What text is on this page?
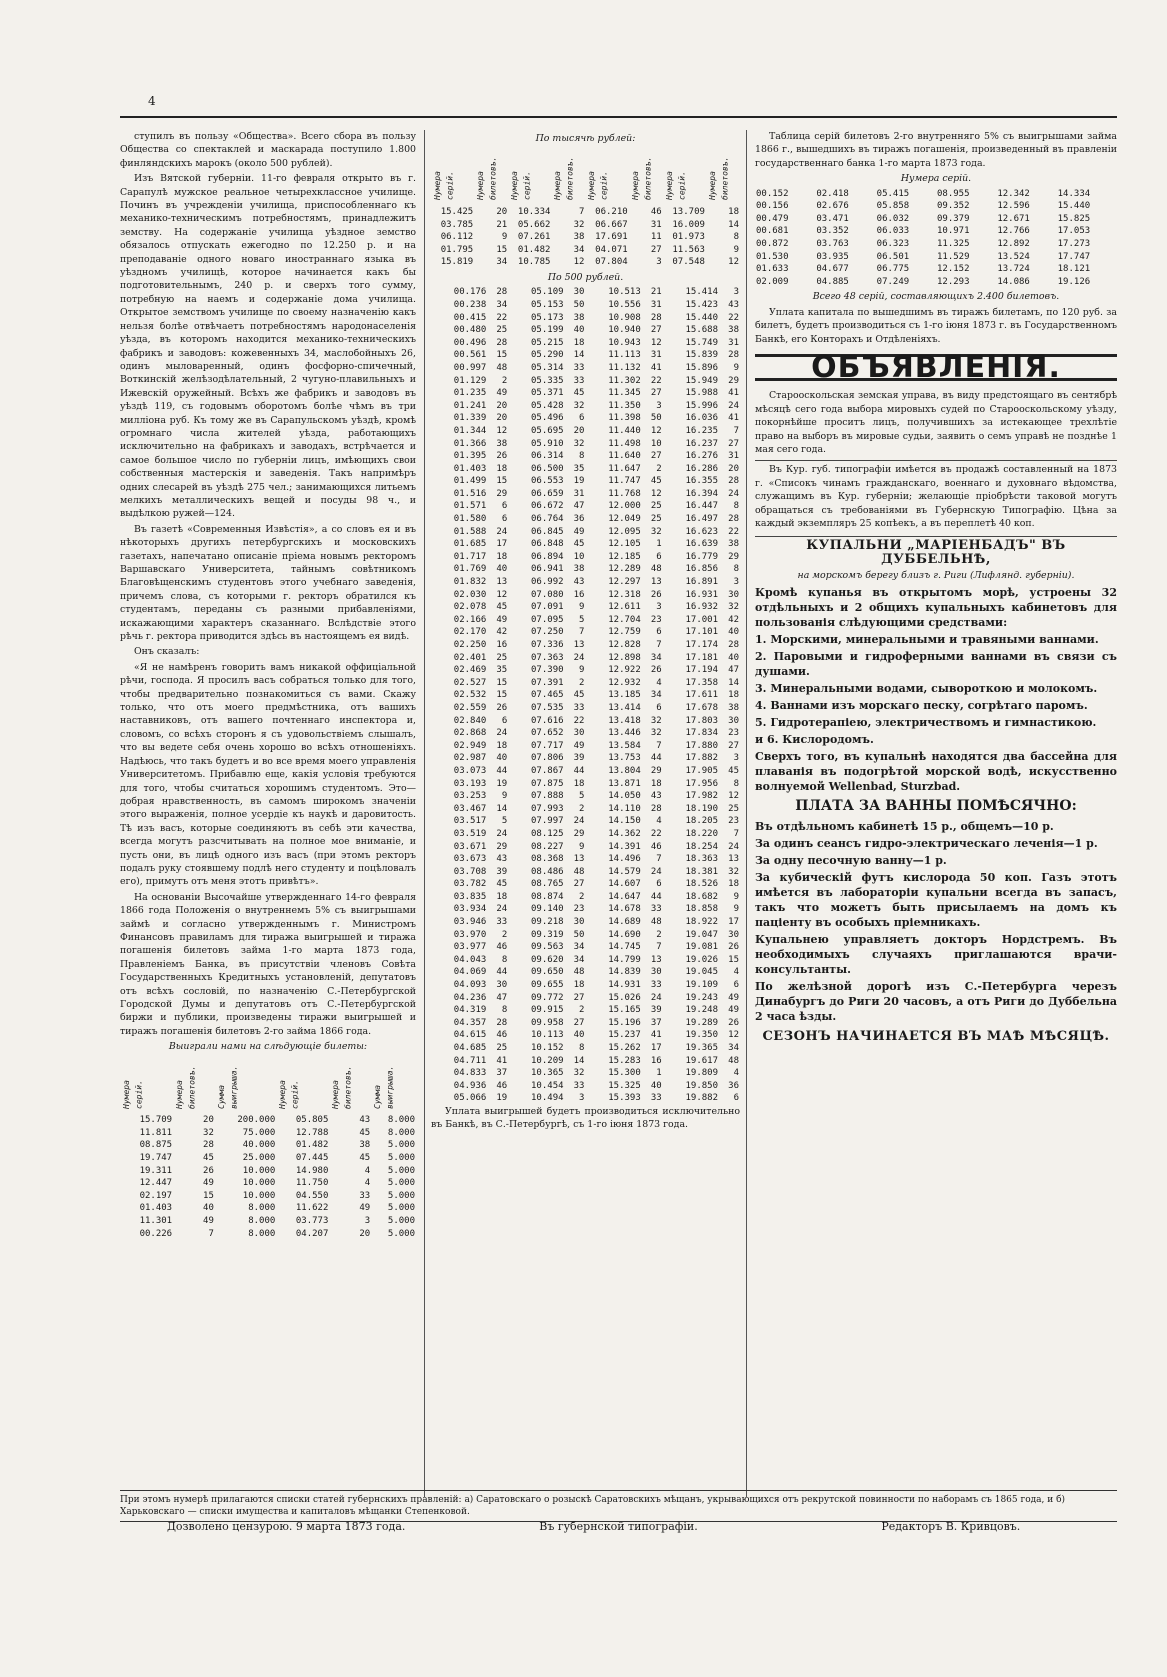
4

ступилъ въ пользу «Общества». Всего сбора въ пользу Общества со спектаклей и маскарада поступило 1.800 финляндскихъ марокъ (около 500 рублей).

Изъ Вятской губерніи. 11-го февраля открыто въ г. Сарапулѣ мужское реальное четырехклассное училище. Починъ въ учрежденіи училища, приспособленнаго къ механико-техническимъ потребностямъ, принадлежитъ земству. На содержаніе училища уѣздное земство обязалось отпускать ежегодно по 12.250 р. и на преподаваніе одного новаго иностраннаго языка въ уѣздномъ училищѣ, которое начинается какъ бы подготовительнымъ, 240 р. и сверхъ того сумму, потребную на наемъ и содержаніе дома училища. Открытое земствомъ училище по своему назначенію какъ нельзя болѣе отвѣчаетъ потребностямъ народонаселенія уѣзда, въ которомъ находится механико-техническихъ фабрикъ и заводовъ: кожевенныхъ 34, маслобойныхъ 26, одинъ мыловаренный, одинъ фосфорно-спичечный, Воткинскій желѣзодѣлательный, 2 чугуно-плавильныхъ и Ижевскій оружейный. Всѣхъ же фабрикъ и заводовъ въ уѣздѣ 119, съ годовымъ оборотомъ болѣе чѣмъ въ три милліона руб. Къ тому же въ Сарапульскомъ уѣздѣ, кромѣ огромнаго числа жителей уѣзда, работающихъ исключительно на фабрикахъ и заводахъ, встрѣчается и самое большое число по губерніи лицъ, имѣющихъ свои собственныя мастерскія и заведенія. Такъ напримѣръ одних слесарей въ уѣздѣ 275 чел.; занимающихся литьемъ мелкихъ металлическихъ вещей и посуды 98 ч., и выдѣлкою ружей—124.

Въ газетѣ «Современныя Извѣстія», а со словъ ея и въ нѣкоторыхъ другихъ петербургскихъ и московскихъ газетахъ, напечатано описаніе пріема новымъ ректоромъ Варшавскаго Университета, тайнымъ совѣтникомъ Благовѣщенскимъ студентовъ этого учебнаго заведенія, причемъ слова, съ которыми г. ректоръ обратился къ студентамъ, переданы съ разными прибавленіями, искажающими характеръ сказаннаго. Вслѣдствіе этого рѣчь г. ректора приводится здѣсь въ настоящемъ ея видѣ.

Онъ сказалъ:

«Я не намѣренъ говорить вамъ никакой оффиціальной рѣчи, господа. Я просилъ васъ собраться только для того, чтобы предварительно познакомиться съ вами. Скажу только, что отъ моего предмѣстника, отъ вашихъ наставниковъ, отъ вашего почтеннаго инспектора и, словомъ, со всѣхъ сторонъ я съ удовольствіемъ слышалъ, что вы ведете себя очень хорошо во всѣхъ отношеніяхъ. Надѣюсь, что такъ будетъ и во все время моего управленія Университетомъ. Прибавлю еще, какія условія требуются для того, чтобы считаться хорошимъ студентомъ. Это—добрая нравственность, въ самомъ широкомъ значеніи этого выраженія, полное усердіе къ наукѣ и даровитость. Тѣ изъ васъ, которые соединяютъ въ себѣ эти качества, всегда могутъ разсчитывать на полное мое вниманіе, и пусть они, въ лицѣ одного изъ васъ (при этомъ ректоръ подалъ руку стоявшему подлѣ него студенту и поцѣловалъ его), примутъ отъ меня этотъ привѣтъ».

На основаніи Высочайше утвержденнаго 14-го февраля 1866 года Положенія о внутреннемъ 5% съ выигрышами займѣ и согласно утвержденнымъ г. Министромъ Финансовъ правиламъ для тиража выигрышей и тиража погашенія билетовъ займа 1-го марта 1873 года, Правленіемъ Банка, въ присутствіи членовъ Совѣта Государственныхъ Кредитныхъ установленій, депутатовъ отъ всѣхъ сословій, по назначенію С.-Петербургской Городской Думы и депутатовъ отъ С.-Петербургской биржи и публики, произведены тиражи выигрышей и тиражъ погашенія билетовъ 2-го займа 1866 года.

Выиграли нами на слѣдующіе билеты:

Нумера серій.	Нумера билетовъ.	Сумма выигрыша.	Нумера серій.	Нумера билетовъ.	Сумма выигрыша.
15.709	20	200.000	05.805	43	8.000
11.811	32	75.000	12.788	45	8.000
08.875	28	40.000	01.482	38	5.000
19.747	45	25.000	07.445	45	5.000
19.311	26	10.000	14.980	4	5.000
12.447	49	10.000	11.750	4	5.000
02.197	15	10.000	04.550	33	5.000
01.403	40	8.000	11.622	49	5.000
11.301	49	8.000	03.773	3	5.000
00.226	7	8.000	04.207	20	5.000

По тысячѣ рублей:

Нумера серій.	Нумера билетовъ.	Нумера серій.	Нумера билетовъ.	Нумера серій.	Нумера билетовъ.	Нумера серій.	Нумера билетовъ.
15.425	20	10.334	7	06.210	46	13.709	18
03.785	21	05.662	32	06.667	31	16.009	14
06.112	9	07.261	38	17.691	11	01.973	8
01.795	15	01.482	34	04.071	27	11.563	9
15.819	34	10.785	12	07.804	3	07.548	12

По 500 рублей.

00.176	28	05.109	30	10.513	21	15.414	3
00.238	34	05.153	50	10.556	31	15.423	43
00.415	22	05.173	38	10.908	28	15.440	22
00.480	25	05.199	40	10.940	27	15.688	38
00.496	28	05.215	18	10.943	12	15.749	31
00.561	15	05.290	14	11.113	31	15.839	28
00.997	48	05.314	33	11.132	41	15.896	9
01.129	2	05.335	33	11.302	22	15.949	29
01.235	49	05.371	45	11.345	27	15.988	41
01.241	20	05.428	32	11.350	3	15.996	24
01.339	20	05.496	6	11.398	50	16.036	41
01.344	12	05.695	20	11.440	12	16.235	7
01.366	38	05.910	32	11.498	10	16.237	27
01.395	26	06.314	8	11.640	27	16.276	31
01.403	18	06.500	35	11.647	2	16.286	20
01.499	15	06.553	19	11.747	45	16.355	28
01.516	29	06.659	31	11.768	12	16.394	24
01.571	6	06.672	47	12.000	25	16.447	8
01.580	6	06.764	36	12.049	25	16.497	28
01.588	24	06.845	49	12.095	32	16.623	22
01.685	17	06.848	45	12.105	1	16.639	38
01.717	18	06.894	10	12.185	6	16.779	29
01.769	40	06.941	38	12.289	48	16.856	8
01.832	13	06.992	43	12.297	13	16.891	3
02.030	12	07.080	16	12.318	26	16.931	30
02.078	45	07.091	9	12.611	3	16.932	32
02.166	49	07.095	5	12.704	23	17.001	42
02.170	42	07.250	7	12.759	6	17.101	40
02.250	16	07.336	13	12.828	7	17.174	28
02.401	25	07.363	24	12.898	34	17.181	40
02.469	35	07.390	9	12.922	26	17.194	47
02.527	15	07.391	2	12.932	4	17.358	14
02.532	15	07.465	45	13.185	34	17.611	18
02.559	26	07.535	33	13.414	6	17.678	38
02.840	6	07.616	22	13.418	32	17.803	30
02.868	24	07.652	30	13.446	32	17.834	23
02.949	18	07.717	49	13.584	7	17.880	27
02.987	40	07.806	39	13.753	44	17.882	3
03.073	44	07.867	44	13.804	29	17.905	45
03.193	19	07.875	18	13.871	18	17.956	8
03.253	9	07.888	5	14.050	43	17.982	12
03.467	14	07.993	2	14.110	28	18.190	25
03.517	5	07.997	24	14.150	4	18.205	23
03.519	24	08.125	29	14.362	22	18.220	7
03.671	29	08.227	9	14.391	46	18.254	24
03.673	43	08.368	13	14.496	7	18.363	13
03.708	39	08.486	48	14.579	24	18.381	32
03.782	45	08.765	27	14.607	6	18.526	18
03.835	18	08.874	2	14.647	44	18.682	9
03.934	24	09.140	23	14.678	33	18.858	9
03.946	33	09.218	30	14.689	48	18.922	17
03.970	2	09.319	50	14.690	2	19.047	30
03.977	46	09.563	34	14.745	7	19.081	26
04.043	8	09.620	34	14.799	13	19.026	15
04.069	44	09.650	48	14.839	30	19.045	4
04.093	30	09.655	18	14.931	33	19.109	6
04.236	47	09.772	27	15.026	24	19.243	49
04.319	8	09.915	2	15.165	39	19.248	49
04.357	28	09.958	27	15.196	37	19.289	26
04.615	46	10.113	40	15.237	41	19.350	12
04.685	25	10.152	8	15.262	17	19.365	34
04.711	41	10.209	14	15.283	16	19.617	48
04.833	37	10.365	32	15.300	1	19.809	4
04.936	46	10.454	33	15.325	40	19.850	36
05.066	19	10.494	3	15.393	33	19.882	6

Уплата выигрышей будетъ производиться исключительно въ Банкѣ, въ С.-Петербургѣ, съ 1-го іюня 1873 года.

Таблица серій билетовъ 2-го внутренняго 5% съ выигрышами займа 1866 г., вышедшихъ въ тиражъ погашенія, произведенный въ правленіи государственнаго банка 1-го марта 1873 года.

Нумера серій.

00.152	02.418	05.415	08.955	12.342	14.334
00.156	02.676	05.858	09.352	12.596	15.440
00.479	03.471	06.032	09.379	12.671	15.825
00.681	03.352	06.033	10.971	12.766	17.053
00.872	03.763	06.323	11.325	12.892	17.273
01.530	03.935	06.501	11.529	13.524	17.747
01.633	04.677	06.775	12.152	13.724	18.121
02.009	04.885	07.249	12.293	14.086	19.126

Всего 48 серій, составляющихъ 2.400 билетовъ.

Уплата капитала по вышедшимъ въ тиражъ билетамъ, по 120 руб. за билетъ, будетъ производиться съ 1-го іюня 1873 г. въ Государственномъ Банкѣ, его Конторахъ и Отдѣленіяхъ.

ОБЪЯВЛЕНІЯ.

Старооскольская земская управа, въ виду предстоящаго въ сентябрѣ мѣсяцѣ сего года выбора мировыхъ судей по Старооскольскому уѣзду, покорнѣйше проситъ лицъ, получившихъ за истекающее трехлѣтіе право на выборъ въ мировые судьи, заявить о семъ управѣ не позднѣе 1 мая сего года.

Въ Кур. губ. типографіи имѣется въ продажѣ составленный на 1873 г. «Списокъ чинамъ гражданскаго, военнаго и духовнаго вѣдомства, служащимъ въ Кур. губерніи; желающіе пріобрѣсти таковой могутъ обращаться съ требованіями въ Губернскую Типографію. Цѣна за каждый экземпляръ 25 копѣекъ, а въ переплетѣ 40 коп.

КУПАЛЬНИ „МАРІЕНБАДЪ" ВЪ ДУББЕЛЬНѢ,

на морскомъ берегу близъ г. Риги (Лифлянд. губерніи).

Кромѣ купанья въ открытомъ морѣ, устроены 32 отдѣльныхъ и 2 общихъ купальныхъ кабинетовъ для пользованія слѣдующими средствами:

1. Морскими, минеральными и травяными ваннами.

2. Паровыми и гидроферными ваннами въ связи съ душами.

3. Минеральными водами, сывороткою и молокомъ.

4. Ваннами изъ морскаго песку, согрѣтаго паромъ.

5. Гидротерапіею, электричествомъ и гимнастикою.

и 6. Кислородомъ.

Сверхъ того, въ купальнѣ находятся два бассейна для плаванія въ подогрѣтой морской водѣ, искусственно волнуемой Wellenbad, Sturzbad.

ПЛАТА ЗА ВАННЫ ПОМѢСЯЧНО:

Въ отдѣльномъ кабинетѣ 15 р., общемъ—10 р.

За одинъ сеансъ гидро-электрическаго леченія—1 р.

За одну песочную ванну—1 р.

За кубическій футъ кислорода 50 коп. Газъ этотъ имѣется въ лабораторіи купальни всегда въ запасъ, такъ что можетъ быть присылаемъ на домъ къ паціенту въ особыхъ пріемникахъ.

Купальнею управляетъ докторъ Нордстремъ. Въ необходимыхъ случаяхъ приглашаются врачи-консультанты.

По желѣзной дорогѣ изъ С.-Петербурга черезъ Динабургъ до Риги 20 часовъ, а отъ Риги до Дуббельна 2 часа ѣзды.

СЕЗОНЪ НАЧИНАЕТСЯ ВЪ МАѢ МѢСЯЦѢ.
При этомъ нумерѣ прилагаются списки статей губернскихъ правленій: а) Саратовскаго о розыскѣ Саратовскихъ мѣщанъ, укрывающихся отъ рекрутской повинности по наборамъ съ 1865 года, и б) Харьковскаго — списки имущества и капиталовъ мѣщанки Степенковой.
Дозволено цензурою. 9 марта 1873 года.	Въ губернской типографіи.	Редакторъ В. Кривцовъ.
